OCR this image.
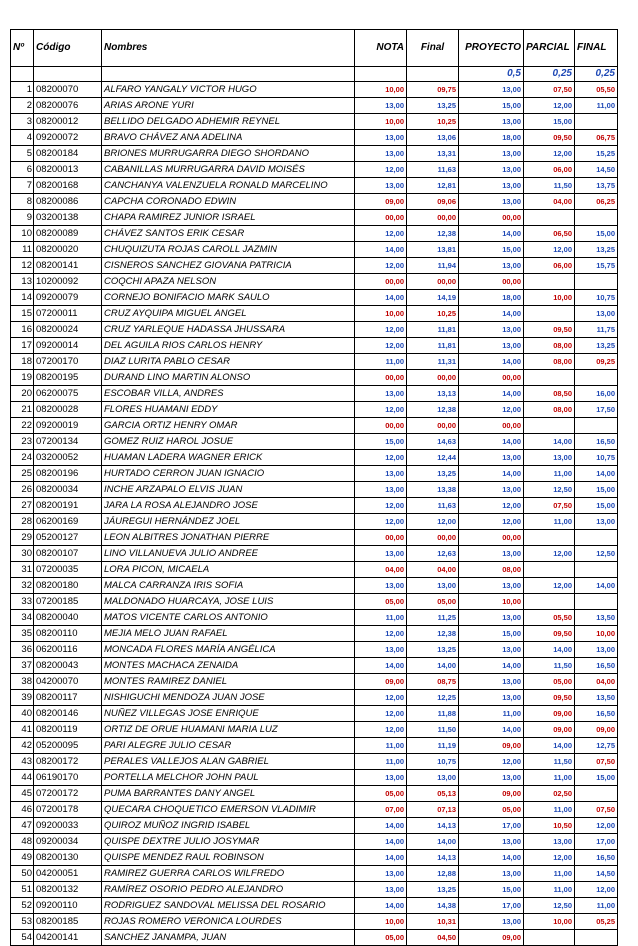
Nº	Código	Nombres	NOTA	Final	PROYECTO	PARCIAL	FINAL
					0,5	0,25	0,25
1	08200070	ALFARO YANGALY VICTOR HUGO	10,00	09,75	13,00	07,50	05,50
2	08200076	ARIAS ARONE YURI	13,00	13,25	15,00	12,00	11,00
3	08200012	BELLIDO DELGADO ADHEMIR REYNEL	10,00	10,25	13,00	15,00	
4	09200072	BRAVO CHÁVEZ ANA ADELINA	13,00	13,06	18,00	09,50	06,75
5	08200184	BRIONES MURRUGARRA DIEGO SHORDANO	13,00	13,31	13,00	12,00	15,25
6	08200013	CABANILLAS MURRUGARRA DAVID MOISÉS	12,00	11,63	13,00	06,00	14,50
7	08200168	CANCHANYA VALENZUELA RONALD MARCELINO	13,00	12,81	13,00	11,50	13,75
8	08200086	CAPCHA CORONADO EDWIN	09,00	09,06	13,00	04,00	06,25
9	03200138	CHAPA RAMIREZ JUNIOR ISRAEL	00,00	00,00	00,00		
10	08200089	CHÁVEZ SANTOS ERIK CESAR	12,00	12,38	14,00	06,50	15,00
11	08200020	CHUQUIZUTA ROJAS CAROLL JAZMIN	14,00	13,81	15,00	12,00	13,25
12	08200141	CISNEROS SANCHEZ GIOVANA PATRICIA	12,00	11,94	13,00	06,00	15,75
13	10200092	COQCHI APAZA NELSON	00,00	00,00	00,00		
14	09200079	CORNEJO BONIFACIO MARK SAULO	14,00	14,19	18,00	10,00	10,75
15	07200011	CRUZ AYQUIPA MIGUEL ANGEL	10,00	10,25	14,00		13,00
16	08200024	CRUZ YARLEQUE HADASSA JHUSSARA	12,00	11,81	13,00	09,50	11,75
17	09200014	DEL AGUILA RIOS CARLOS HENRY	12,00	11,81	13,00	08,00	13,25
18	07200170	DIAZ LURITA PABLO CESAR	11,00	11,31	14,00	08,00	09,25
19	08200195	DURAND LINO MARTIN ALONSO	00,00	00,00	00,00		
20	06200075	ESCOBAR VILLA, ANDRES	13,00	13,13	14,00	08,50	16,00
21	08200028	FLORES HUAMANI EDDY	12,00	12,38	12,00	08,00	17,50
22	09200019	GARCIA ORTIZ HENRY OMAR	00,00	00,00	00,00		
23	07200134	GOMEZ RUIZ HAROL JOSUE	15,00	14,63	14,00	14,00	16,50
24	03200052	HUAMAN LADERA WAGNER ERICK	12,00	12,44	13,00	13,00	10,75
25	08200196	HURTADO CERRON JUAN IGNACIO	13,00	13,25	14,00	11,00	14,00
26	08200034	INCHE ARZAPALO ELVIS JUAN	13,00	13,38	13,00	12,50	15,00
27	08200191	JARA LA ROSA ALEJANDRO JOSE	12,00	11,63	12,00	07,50	15,00
28	06200169	JÁUREGUI HERNÁNDEZ JOEL	12,00	12,00	12,00	11,00	13,00
29	05200127	LEON ALBITRES JONATHAN PIERRE	00,00	00,00	00,00		
30	08200107	LINO VILLANUEVA JULIO ANDREE	13,00	12,63	13,00	12,00	12,50
31	07200035	LORA PICON, MICAELA	04,00	04,00	08,00		
32	08200180	MALCA CARRANZA IRIS SOFIA	13,00	13,00	13,00	12,00	14,00
33	07200185	MALDONADO HUARCAYA, JOSE LUIS	05,00	05,00	10,00		
34	08200040	MATOS VICENTE CARLOS ANTONIO	11,00	11,25	13,00	05,50	13,50
35	08200110	MEJIA MELO JUAN RAFAEL	12,00	12,38	15,00	09,50	10,00
36	06200116	MONCADA FLORES MARÍA ANGÉLICA	13,00	13,25	13,00	14,00	13,00
37	08200043	MONTES MACHACA ZENAIDA	14,00	14,00	14,00	11,50	16,50
38	04200070	MONTES RAMIREZ DANIEL	09,00	08,75	13,00	05,00	04,00
39	08200117	NISHIGUCHI MENDOZA JUAN JOSE	12,00	12,25	13,00	09,50	13,50
40	08200146	NUÑEZ VILLEGAS JOSE ENRIQUE	12,00	11,88	11,00	09,00	16,50
41	08200119	ORTIZ DE ORUE HUAMANI MARIA LUZ	12,00	11,50	14,00	09,00	09,00
42	05200095	PARI ALEGRE JULIO CESAR	11,00	11,19	09,00	14,00	12,75
43	08200172	PERALES VALLEJOS ALAN GABRIEL	11,00	10,75	12,00	11,50	07,50
44	06190170	PORTELLA MELCHOR JOHN PAUL	13,00	13,00	13,00	11,00	15,00
45	07200172	PUMA BARRANTES DANY ANGEL	05,00	05,13	09,00	02,50	
46	07200178	QUECARA CHOQUETICO EMERSON VLADIMIR	07,00	07,13	05,00	11,00	07,50
47	09200033	QUIROZ MUÑOZ INGRID ISABEL	14,00	14,13	17,00	10,50	12,00
48	09200034	QUISPE DEXTRE JULIO JOSYMAR	14,00	14,00	13,00	13,00	17,00
49	08200130	QUISPE MENDEZ RAUL ROBINSON	14,00	14,13	14,00	12,00	16,50
50	04200051	RAMIREZ GUERRA CARLOS WILFREDO	13,00	12,88	13,00	11,00	14,50
51	08200132	RAMÍREZ OSORIO PEDRO ALEJANDRO	13,00	13,25	15,00	11,00	12,00
52	09200110	RODRIGUEZ SANDOVAL MELISSA DEL ROSARIO	14,00	14,38	17,00	12,50	11,00
53	08200185	ROJAS ROMERO VERONICA LOURDES	10,00	10,31	13,00	10,00	05,25
54	04200141	SANCHEZ JANAMPA, JUAN	05,00	04,50	09,00		
